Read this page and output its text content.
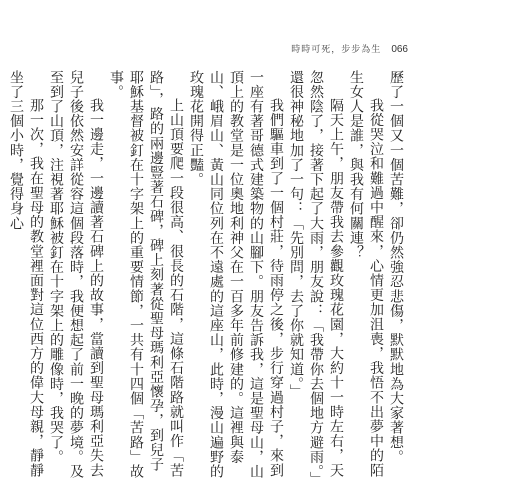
時時可死，步步為生 066

歷了一個又一個苦難，卻仍然強忍悲傷，默默地為大家著想。

我從哭泣和難過中醒來，心情更加沮喪，我悟不出夢中的陌生女人是誰，與我有何關連？

隔天上午，朋友帶我去參觀玫瑰花園，大約十一時左右，天忽然陰了，接著下起了大雨，朋友說：「我帶你去個地方避雨。」還很神秘地加了一句：「先別問，去了你就知道。」

我們驅車到了一個村莊，待雨停之後，步行穿過村子，來到一座有著哥德式建築物的山腳下。朋友告訴我，這是聖母山，山頂上的教堂是一位奧地利神父在一百多年前修建的。這裡與泰山、峨眉山、黃山同位列在不遠處的這座山，此時，漫山遍野的玫瑰花開得正豔。

上山頂要爬一段很高、很長的石階，這條石階路就叫作「苦路」，路的兩邊豎著石碑，碑上刻著從聖母瑪利亞懷孕，到兒子耶穌基督被釘在十字架上的重要情節，一共有十四個「苦路」故事。

我一邊走，一邊讀著石碑上的故事，當讀到聖母瑪利亞失去兒子後依然安詳從容這個段落時，我便想起了前一晚的夢境。及至到了山頂，注視著耶穌被釘在十字架上的雕像時，我哭了。

那一次，我在聖母的教堂裡面對這位西方的偉大母親，靜靜坐了三個小時，覺得身心
